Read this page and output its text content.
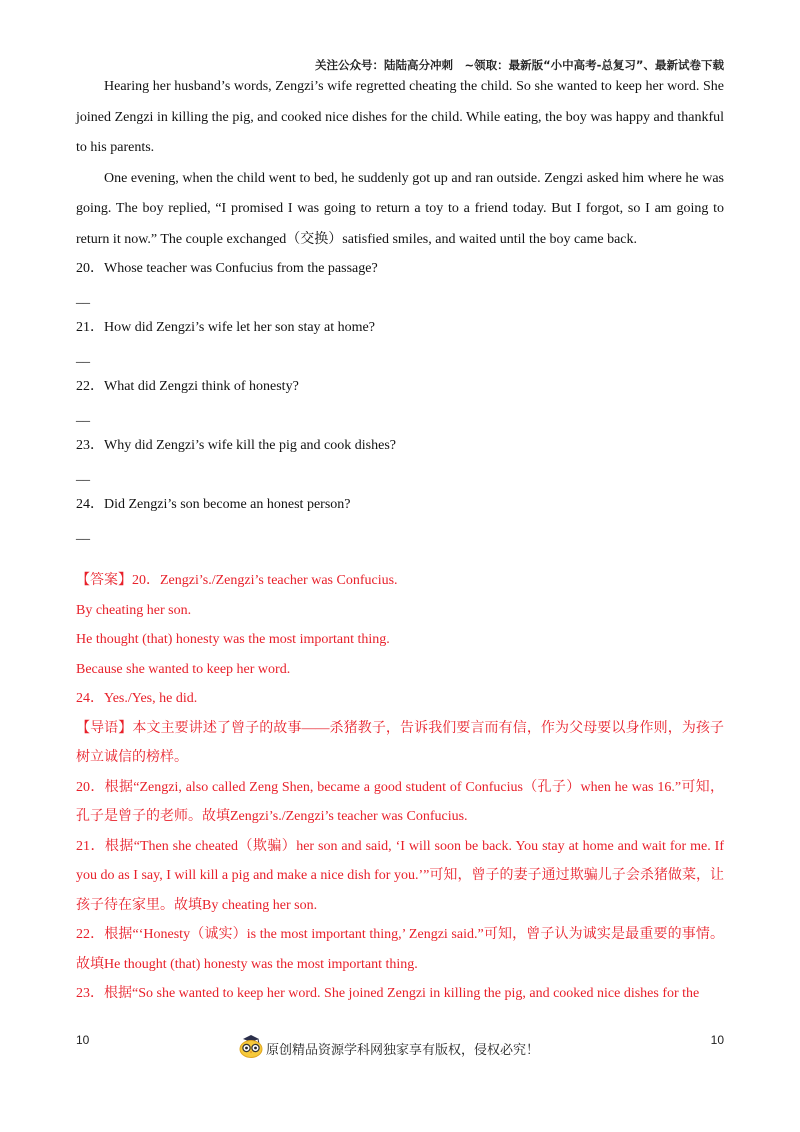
关注公众号：陆陆高分冲刺　~领取：最新版“小中高考-总复习”、最新试卷下载

Hearing her husband’s words, Zengzi’s wife regretted cheating the child. So she wanted to keep her word. She joined Zengzi in killing the pig, and cooked nice dishes for the child. While eating, the boy was happy and thankful to his parents.

One evening, when the child went to bed, he suddenly got up and ran outside. Zengzi asked him where he was going. The boy replied, “I promised I was going to return a toy to a friend today. But I forgot, so I am going to return it now.” The couple exchanged（交换）satisfied smiles, and waited until the boy came back.

20．Whose teacher was Confucius from the passage?

__

21．How did Zengzi’s wife let her son stay at home?

__

22．What did Zengzi think of honesty?

__

23．Why did Zengzi’s wife kill the pig and cook dishes?

__

24．Did Zengzi’s son become an honest person?

__

【答案】20．Zengzi’s./Zengzi’s teacher was Confucius.

By cheating her son.

He thought (that) honesty was the most important thing.

Because she wanted to keep her word.

24．Yes./Yes, he did.

【导语】本文主要讲述了曾子的故事——杀猪教子，告诉我们要言而有信，作为父母要以身作则，为孩子树立诚信的榜样。

20．根据“Zengzi, also called Zeng Shen, became a good student of Confucius（孔子）when he was 16.”可知，孔子是曾子的老师。故填Zengzi’s./Zengzi’s teacher was Confucius.

21．根据“Then she cheated（欺骗）her son and said, ‘I will soon be back. You stay at home and wait for me. If you do as I say, I will kill a pig and make a nice dish for you.’”可知，曾子的妻子通过欺骗儿子会杀猪做菜，让孩子待在家里。故填By cheating her son.

22．根据“‘Honesty（诚实）is the most important thing,’ Zengzi said.”可知，曾子认为诚实是最重要的事情。故填He thought (that) honesty was the most important thing.

23．根据“So she wanted to keep her word. She joined Zengzi in killing the pig, and cooked nice dishes for the

10
原创精品资源学科网独家享有版权，侵权必究！
10
